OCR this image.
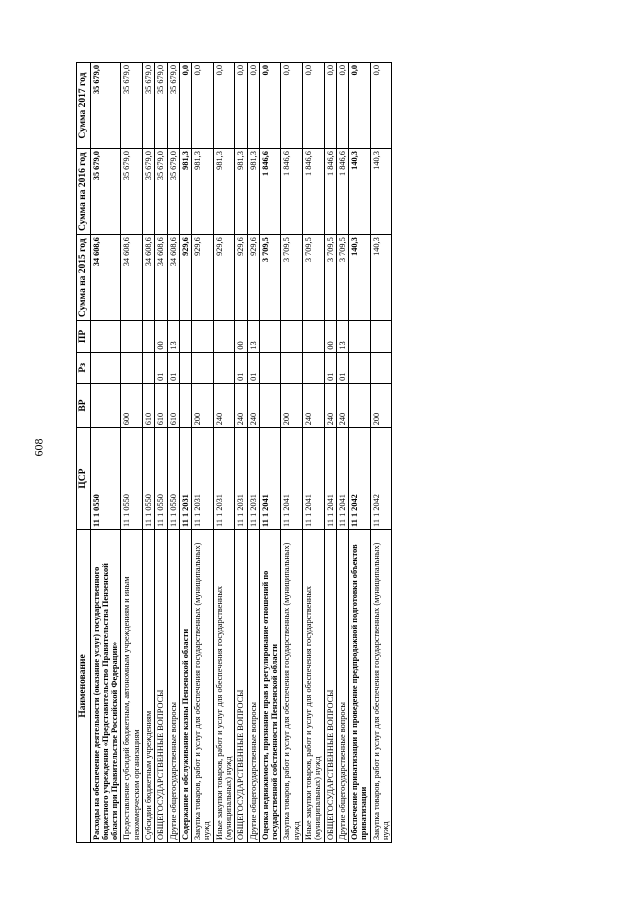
608
Наименование	ЦСР	ВР	Рз	ПР	Сумма на 2015 год	Сумма на 2016 год	Сумма 2017 год
Расходы на обеспечение деятельности (оказание услуг) государственного бюджетного учреждения «Представительство Правительства Пензенской области при Правительстве Российской Федерации»	11 1 0550				34 608,6	35 679,0	35 679,0
Предоставление субсидий бюджетным, автономным учреждениям и иным некоммерческим организациям	11 1 0550	600			34 608,6	35 679,0	35 679,0
Субсидии бюджетным учреждениям	11 1 0550	610			34 608,6	35 679,0	35 679,0
ОБЩЕГОСУДАРСТВЕННЫЕ ВОПРОСЫ	11 1 0550	610	01	00	34 608,6	35 679,0	35 679,0
Другие общегосударственные вопросы	11 1 0550	610	01	13	34 608,6	35 679,0	35 679,0
Содержание и обслуживание казны Пензенской области	11 1 2031				929,6	981,3	0,0
Закупка товаров, работ и услуг для обеспечения государственных (муниципальных) нужд	11 1 2031	200			929,6	981,3	0,0
Иные закупки товаров, работ и услуг для обеспечения государственных (муниципальных) нужд	11 1 2031	240			929,6	981,3	0,0
ОБЩЕГОСУДАРСТВЕННЫЕ ВОПРОСЫ	11 1 2031	240	01	00	929,6	981,3	0,0
Другие общегосударственные вопросы	11 1 2031	240	01	13	929,6	981,3	0,0
Оценка недвижимости, признание прав и регулирование отношений по государственной собственности Пензенской области	11 1 2041				3 709,5	1 846,6	0,0
Закупка товаров, работ и услуг для обеспечения государственных (муниципальных) нужд	11 1 2041	200			3 709,5	1 846,6	0,0
Иные закупки товаров, работ и услуг для обеспечения государственных (муниципальных) нужд	11 1 2041	240			3 709,5	1 846,6	0,0
ОБЩЕГОСУДАРСТВЕННЫЕ ВОПРОСЫ	11 1 2041	240	01	00	3 709,5	1 846,6	0,0
Другие общегосударственные вопросы	11 1 2041	240	01	13	3 709,5	1 846,6	0,0
Обеспечение приватизации и проведение предпродажной подготовки объектов приватизации	11 1 2042				140,3	140,3	0,0
Закупка товаров, работ и услуг для обеспечения государственных (муниципальных) нужд	11 1 2042	200			140,3	140,3	0,0
